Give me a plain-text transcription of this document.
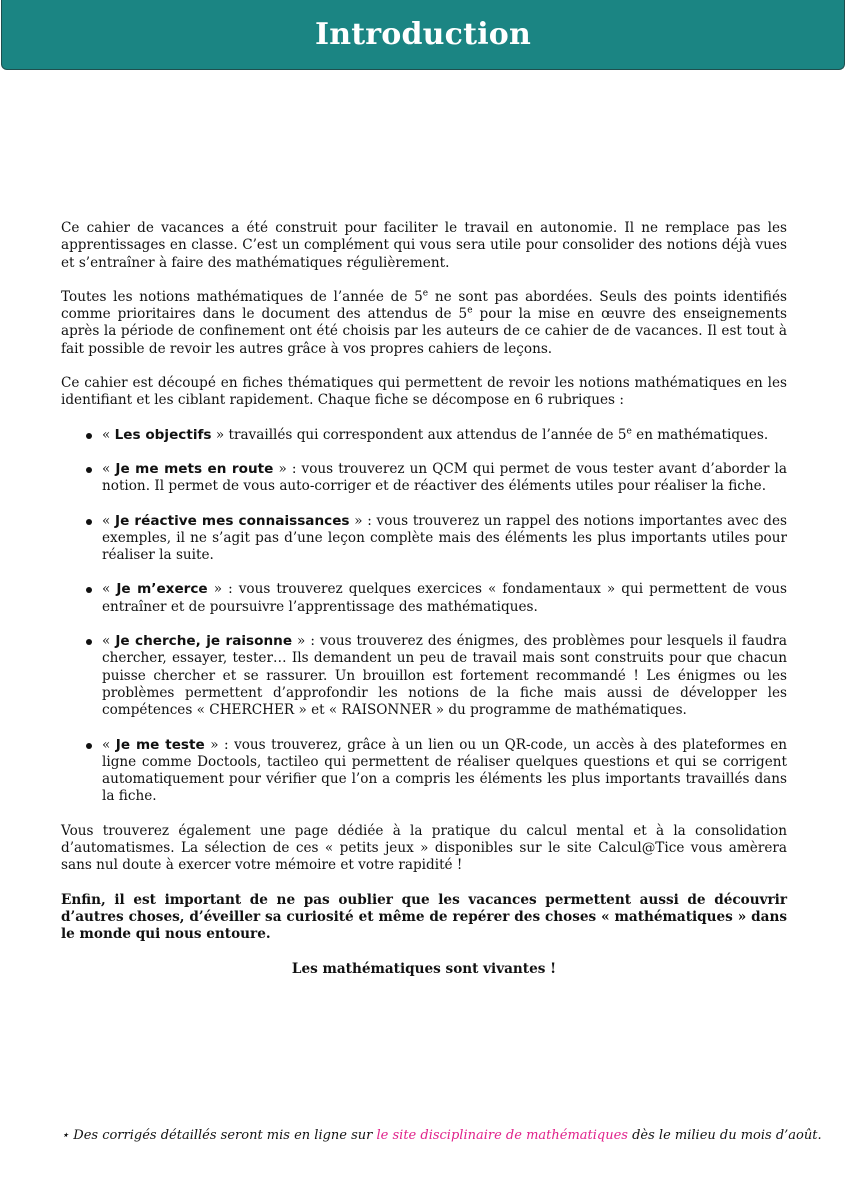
Introduction

Ce cahier de vacances a été construit pour faciliter le travail en autonomie. Il ne remplace pas les apprentissages en classe. C’est un complément qui vous sera utile pour consolider des notions déjà vues et s’entraîner à faire des mathématiques régulièrement.

Toutes les notions mathématiques de l’année de 5e ne sont pas abordées. Seuls des points identifiés comme prioritaires dans le document des attendus de 5e pour la mise en œuvre des enseignements après la période de confinement ont été choisis par les auteurs de ce cahier de de vacances. Il est tout à fait possible de revoir les autres grâce à vos propres cahiers de leçons.

Ce cahier est découpé en fiches thématiques qui permettent de revoir les notions mathématiques en les identifiant et les ciblant rapidement. Chaque fiche se décompose en 6 rubriques :

« Les objectifs » travaillés qui correspondent aux attendus de l’année de 5e en mathématiques.
« Je me mets en route » : vous trouverez un QCM qui permet de vous tester avant d’aborder la notion. Il permet de vous auto-corriger et de réactiver des éléments utiles pour réaliser la fiche.
« Je réactive mes connaissances » : vous trouverez un rappel des notions importantes avec des exemples, il ne s’agit pas d’une leçon complète mais des éléments les plus importants utiles pour réaliser la suite.
« Je m’exerce » : vous trouverez quelques exercices « fondamentaux » qui permettent de vous entraîner et de poursuivre l’apprentissage des mathématiques.
« Je cherche, je raisonne » : vous trouverez des énigmes, des problèmes pour lesquels il faudra chercher, essayer, tester… Ils demandent un peu de travail mais sont construits pour que chacun puisse chercher et se rassurer. Un brouillon est fortement recommandé ! Les énigmes ou les problèmes permettent d’approfondir les notions de la fiche mais aussi de développer les compétences « CHERCHER » et « RAISONNER » du programme de mathématiques.
« Je me teste » : vous trouverez, grâce à un lien ou un QR-code, un accès à des plateformes en ligne comme Doctools, tactileo qui permettent de réaliser quelques questions et qui se corrigent automatiquement pour vérifier que l’on a compris les éléments les plus importants travaillés dans la fiche.

Vous trouverez également une page dédiée à la pratique du calcul mental et à la consolidation d’automatismes. La sélection de ces « petits jeux » disponibles sur le site Calcul@Tice vous amèrera sans nul doute à exercer votre mémoire et votre rapidité !

Enfin, il est important de ne pas oublier que les vacances permettent aussi de découvrir d’autres choses, d’éveiller sa curiosité et même de repérer des choses « mathématiques » dans le monde qui nous entoure.

Les mathématiques sont vivantes !

⋆ Des corrigés détaillés seront mis en ligne sur le site disciplinaire de mathématiques dès le milieu du mois d’août.
